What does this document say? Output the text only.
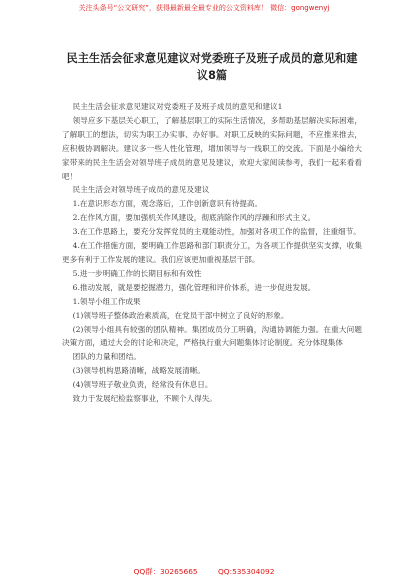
关注头条号“公文研究”，获得最新最全最专业的公文资料库！ 微信：gongwenyj
民主生活会征求意见建议对党委班子及班子成员的意见和建议8篇

民主生活会征求意见建议对党委班子及班子成员的意见和建议1

领导应多下基层关心职工，了解基层职工的实际生活情况，多帮助基层解决实际困难，了解职工的想法，切实为职工办实事、办好事。对职工反映的实际问题，不应推来推去，应积极协调解决。建议多一些人性化管理，增加领导与一线职工的交流。下面是小编给大家带来的民主生活会对领导班子成员的意见及建议，欢迎大家阅读参考，我们一起来看看吧！

民主生活会对领导班子成员的意见及建议

1.在意识形态方面，观念落后，工作创新意识有待提高。

2.在作风方面，要加强机关作风建设，彻底消除作风的浮躁和形式主义。

3.在工作思路上，要充分发挥党员的主观能动性，加强对各项工作的监督，注重细节。

4.在工作措施方面，要明确工作思路和部门职责分工，为各项工作提供坚实支撑，收集更多有利于工作发展的建议。我们应该更加重视基层干部。

5.进一步明确工作的长期目标和有效性

6.推动发展，就是要挖掘潜力，强化管理和评价体系，进一步促进发展。

1.领导小组工作成果

(1)领导班子整体政治素质高，在党员干部中树立了良好的形象。

(2)领导小组具有较强的团队精神。集团成员分工明确，沟通协调能力强。在重大问题决策方面，通过大会的讨论和决定，严格执行重大问题集体讨论制度。充分体现集体

团队的力量和团结。

(3)领导机构思路清晰，战略发展清晰。

(4)领导班子敬业负责，经常没有休息日。

致力于发展纪检监察事业，不顾个人得失。

QQ群：30265665	QQ:535304092
